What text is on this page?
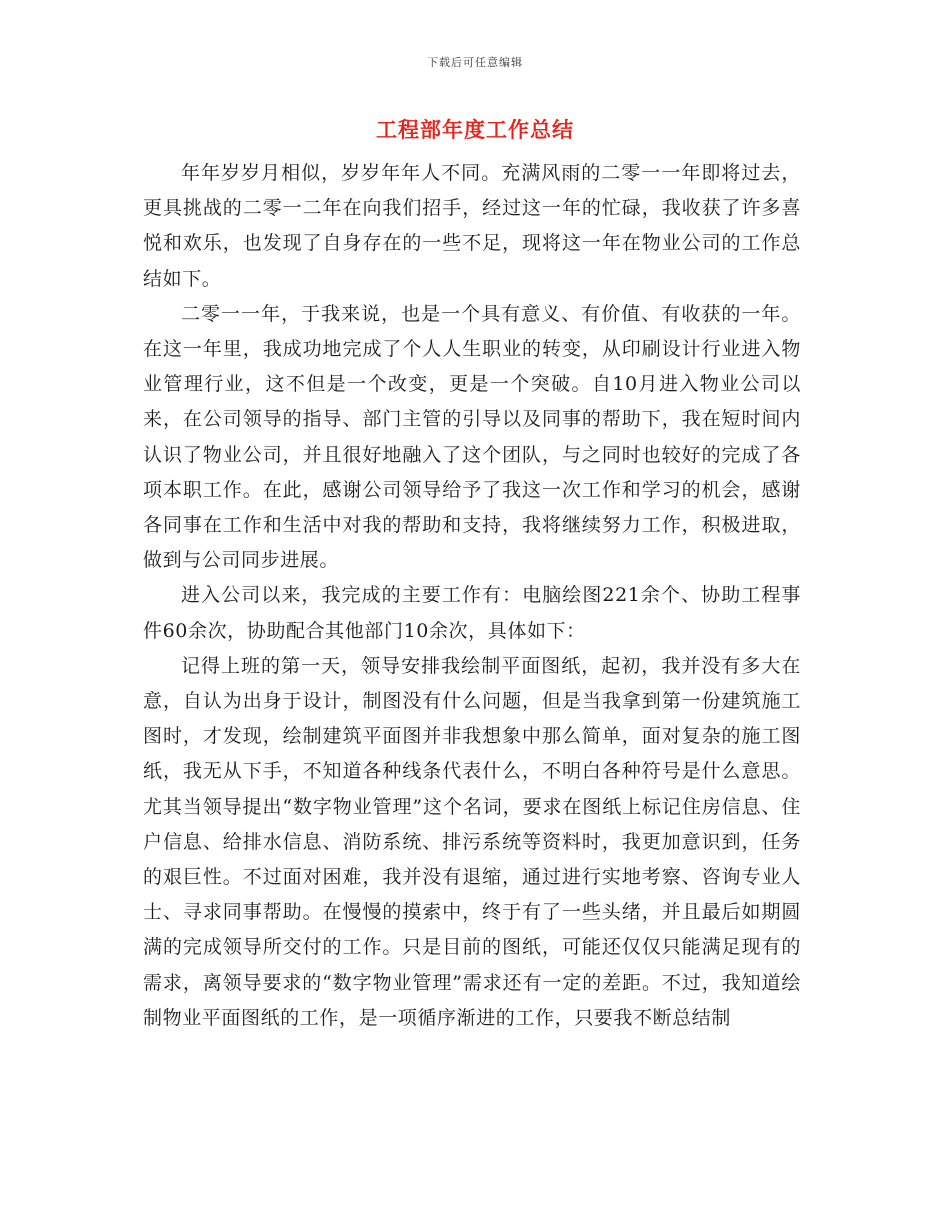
下载后可任意编辑
工程部年度工作总结

年年岁岁月相似，岁岁年年人不同。充满风雨的二零一一年即将过去，更具挑战的二零一二年在向我们招手，经过这一年的忙碌，我收获了许多喜悦和欢乐，也发现了自身存在的一些不足，现将这一年在物业公司的工作总结如下。

二零一一年，于我来说，也是一个具有意义、有价值、有收获的一年。在这一年里，我成功地完成了个人人生职业的转变，从印刷设计行业进入物业管理行业，这不但是一个改变，更是一个突破。自10月进入物业公司以来，在公司领导的指导、部门主管的引导以及同事的帮助下，我在短时间内认识了物业公司，并且很好地融入了这个团队，与之同时也较好的完成了各项本职工作。在此，感谢公司领导给予了我这一次工作和学习的机会，感谢各同事在工作和生活中对我的帮助和支持，我将继续努力工作，积极进取，做到与公司同步进展。

进入公司以来，我完成的主要工作有：电脑绘图221余个、协助工程事件60余次，协助配合其他部门10余次，具体如下：

记得上班的第一天，领导安排我绘制平面图纸，起初，我并没有多大在意，自认为出身于设计，制图没有什么问题，但是当我拿到第一份建筑施工图时，才发现，绘制建筑平面图并非我想象中那么简单，面对复杂的施工图纸，我无从下手，不知道各种线条代表什么，不明白各种符号是什么意思。尤其当领导提出“数字物业管理”这个名词，要求在图纸上标记住房信息、住户信息、给排水信息、消防系统、排污系统等资料时，我更加意识到，任务的艰巨性。不过面对困难，我并没有退缩，通过进行实地考察、咨询专业人士、寻求同事帮助。在慢慢的摸索中，终于有了一些头绪，并且最后如期圆满的完成领导所交付的工作。只是目前的图纸，可能还仅仅只能满足现有的需求，离领导要求的“数字物业管理”需求还有一定的差距。不过，我知道绘制物业平面图纸的工作，是一项循序渐进的工作，只要我不断总结制
